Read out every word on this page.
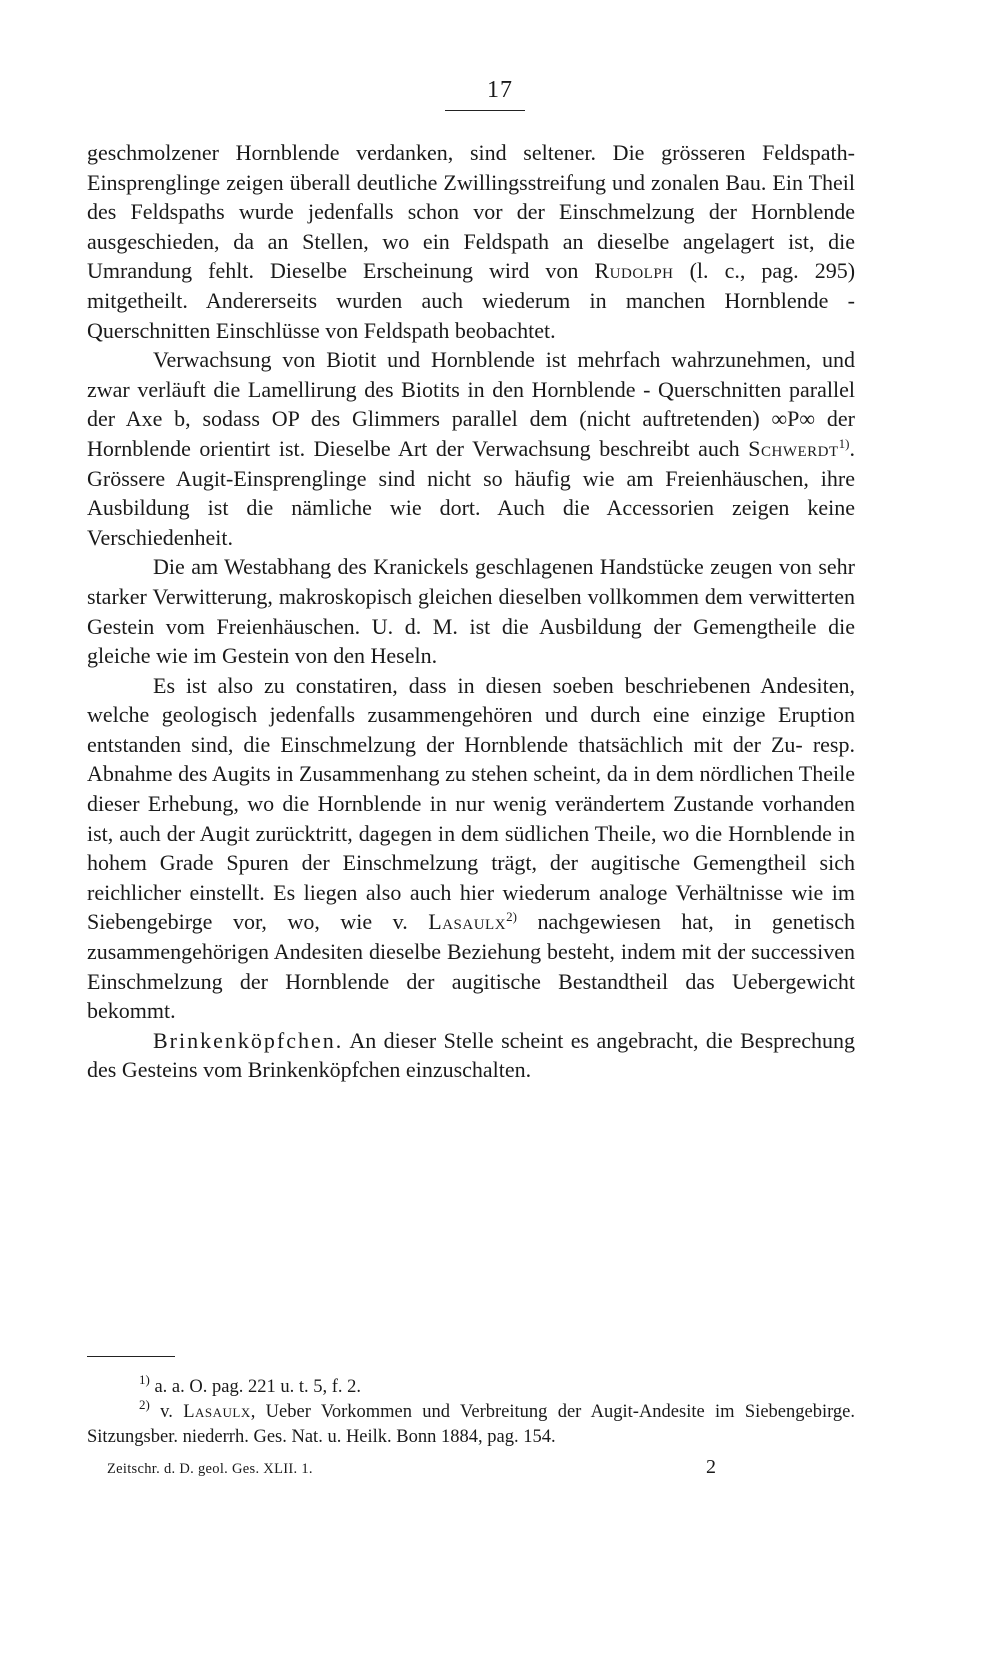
17

geschmolzener Hornblende verdanken, sind seltener. Die grösseren Feldspath-Einsprenglinge zeigen überall deutliche Zwillingsstreifung und zonalen Bau. Ein Theil des Feldspaths wurde jedenfalls schon vor der Einschmelzung der Hornblende ausgeschieden, da an Stellen, wo ein Feldspath an dieselbe angelagert ist, die Umrandung fehlt. Dieselbe Erscheinung wird von Rudolph (l. c., pag. 295) mitgetheilt. Andererseits wurden auch wiederum in manchen Hornblende - Querschnitten Einschlüsse von Feldspath beobachtet.

Verwachsung von Biotit und Hornblende ist mehrfach wahrzunehmen, und zwar verläuft die Lamellirung des Biotits in den Hornblende - Querschnitten parallel der Axe b, sodass OP des Glimmers parallel dem (nicht auftretenden) ∞P∞ der Hornblende orientirt ist. Dieselbe Art der Verwachsung beschreibt auch Schwerdt$^{1)}$. Grössere Augit-Einsprenglinge sind nicht so häufig wie am Freienhäuschen, ihre Ausbildung ist die nämliche wie dort. Auch die Accessorien zeigen keine Verschiedenheit.

Die am Westabhang des Kranickels geschlagenen Handstücke zeugen von sehr starker Verwitterung, makroskopisch gleichen dieselben vollkommen dem verwitterten Gestein vom Freienhäuschen. U. d. M. ist die Ausbildung der Gemengtheile die gleiche wie im Gestein von den Heseln.

Es ist also zu constatiren, dass in diesen soeben beschriebenen Andesiten, welche geologisch jedenfalls zusammengehören und durch eine einzige Eruption entstanden sind, die Einschmelzung der Hornblende thatsächlich mit der Zu- resp. Abnahme des Augits in Zusammenhang zu stehen scheint, da in dem nördlichen Theile dieser Erhebung, wo die Hornblende in nur wenig verändertem Zustande vorhanden ist, auch der Augit zurücktritt, dagegen in dem südlichen Theile, wo die Hornblende in hohem Grade Spuren der Einschmelzung trägt, der augitische Gemengtheil sich reichlicher einstellt. Es liegen also auch hier wiederum analoge Verhältnisse wie im Siebengebirge vor, wo, wie v. Lasaulx$^{2)}$ nachgewiesen hat, in genetisch zusammengehörigen Andesiten dieselbe Beziehung besteht, indem mit der successiven Einschmelzung der Hornblende der augitische Bestandtheil das Uebergewicht bekommt.

Brinkenköpfchen. An dieser Stelle scheint es angebracht, die Besprechung des Gesteins vom Brinkenköpfchen einzuschalten.

$^{1)}$ a. a. O. pag. 221 u. t. 5, f. 2.

$^{2)}$ v. Lasaulx, Ueber Vorkommen und Verbreitung der Augit-Andesite im Siebengebirge. Sitzungsber. niederrh. Ges. Nat. u. Heilk. Bonn 1884, pag. 154.

Zeitschr. d. D. geol. Ges. XLII. 1.	2
